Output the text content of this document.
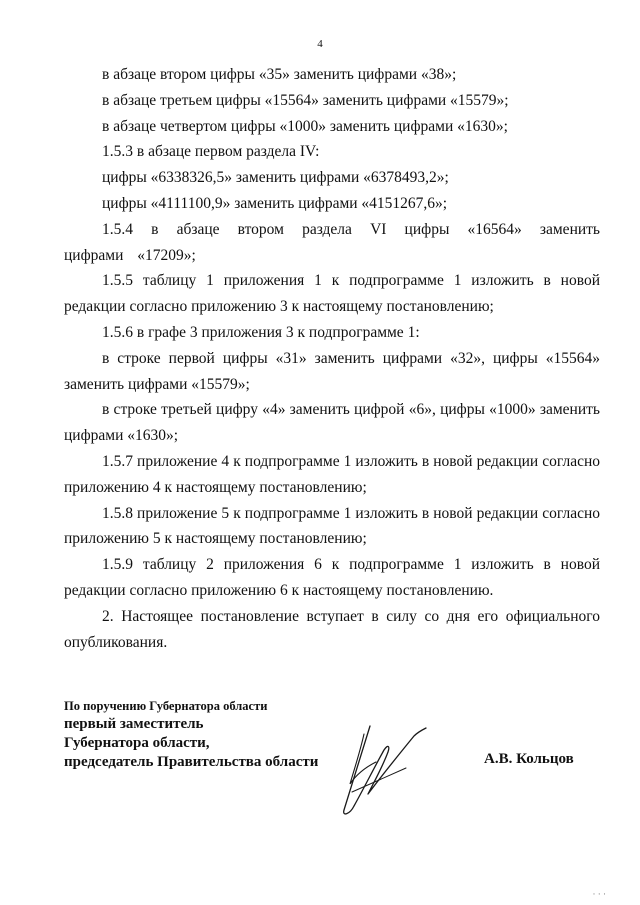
4

в абзаце втором цифры «35» заменить цифрами «38»;

в абзаце третьем цифры «15564» заменить цифрами «15579»;

в абзаце четвертом цифры «1000» заменить цифрами «1630»;

1.5.3 в абзаце первом раздела IV:

цифры «6338326,5» заменить цифрами «6378493,2»;

цифры «4111100,9» заменить цифрами «4151267,6»;

1.5.4 в абзаце втором раздела VI цифры «16564» заменить цифрами «17209»;

1.5.5 таблицу 1 приложения 1 к подпрограмме 1 изложить в новой редакции согласно приложению 3 к настоящему постановлению;

1.5.6 в графе 3 приложения 3 к подпрограмме 1:

в строке первой цифры «31» заменить цифрами «32», цифры «15564» заменить цифрами «15579»;

в строке третьей цифру «4» заменить цифрой «6», цифры «1000» заменить цифрами «1630»;

1.5.7 приложение 4 к подпрограмме 1 изложить в новой редакции согласно приложению 4 к настоящему постановлению;

1.5.8 приложение 5 к подпрограмме 1 изложить в новой редакции согласно приложению 5 к настоящему постановлению;

1.5.9 таблицу 2 приложения 6 к подпрограмме 1 изложить в новой редакции согласно приложению 6 к настоящему постановлению.

2. Настоящее постановление вступает в силу со дня его официального опубликования.

По поручению Губернатора области
первый заместитель
Губернатора области,
председатель Правительства области	А.В. Кольцов
· · ·
